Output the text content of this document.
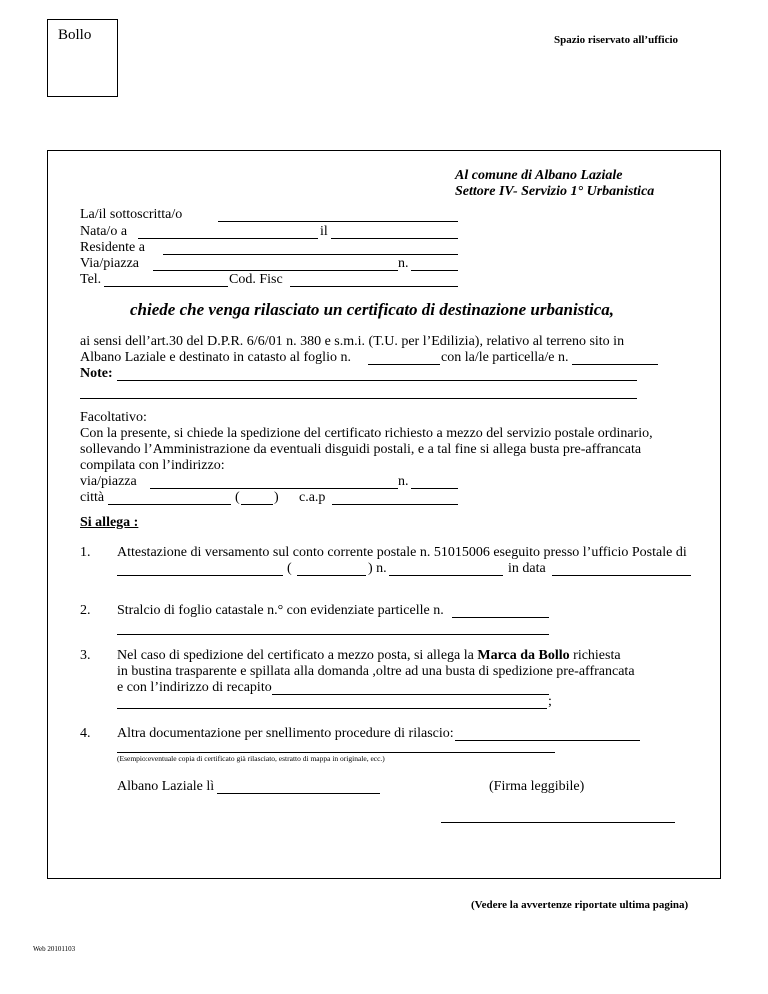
Bollo	Spazio riservato all’ufficio
Al comune di Albano Laziale
Settore IV- Servizio 1° Urbanistica
La/il sottoscritta/o
Nata/o a	il
Residente a
Via/piazza	n.
Tel.	Cod. Fisc
chiede che venga rilasciato un certificato di destinazione urbanistica,
ai sensi dell’art.30 del D.P.R. 6/6/01 n. 380 e s.m.i. (T.U. per l’Edilizia), relativo al terreno sito in
Albano Laziale e destinato in catasto al foglio n.	con la/le particella/e n.
Note:
Facoltativo:
Con la presente, si chiede la spedizione del certificato richiesto a mezzo del servizio postale ordinario,
sollevando l’Amministrazione da eventuali disguidi postali, e a tal fine si allega busta pre-affrancata
compilata con l’indirizzo:
via/piazza	n.
città	( ) c.a.p
Si allega :
1. Attestazione di versamento sul conto corrente postale n. 51015006 eseguito presso l’ufficio Postale di
(	) n.	in data
2. Stralcio di foglio catastale n.° con evidenziate particelle n.
3. Nel caso di spedizione del certificato a mezzo posta, si allega la Marca da Bollo richiesta
in bustina trasparente e spillata alla domanda ,oltre ad una busta di spedizione pre-affrancata
e con l’indirizzo di recapito
;
4. Altra documentazione per snellimento procedure di rilascio:
(Esempio:eventuale copia di certificato già rilasciato, estratto di mappa in originale, ecc.)
Albano Laziale lì	(Firma leggibile)
(Vedere la avvertenze riportate ultima pagina)
Web 20101103
